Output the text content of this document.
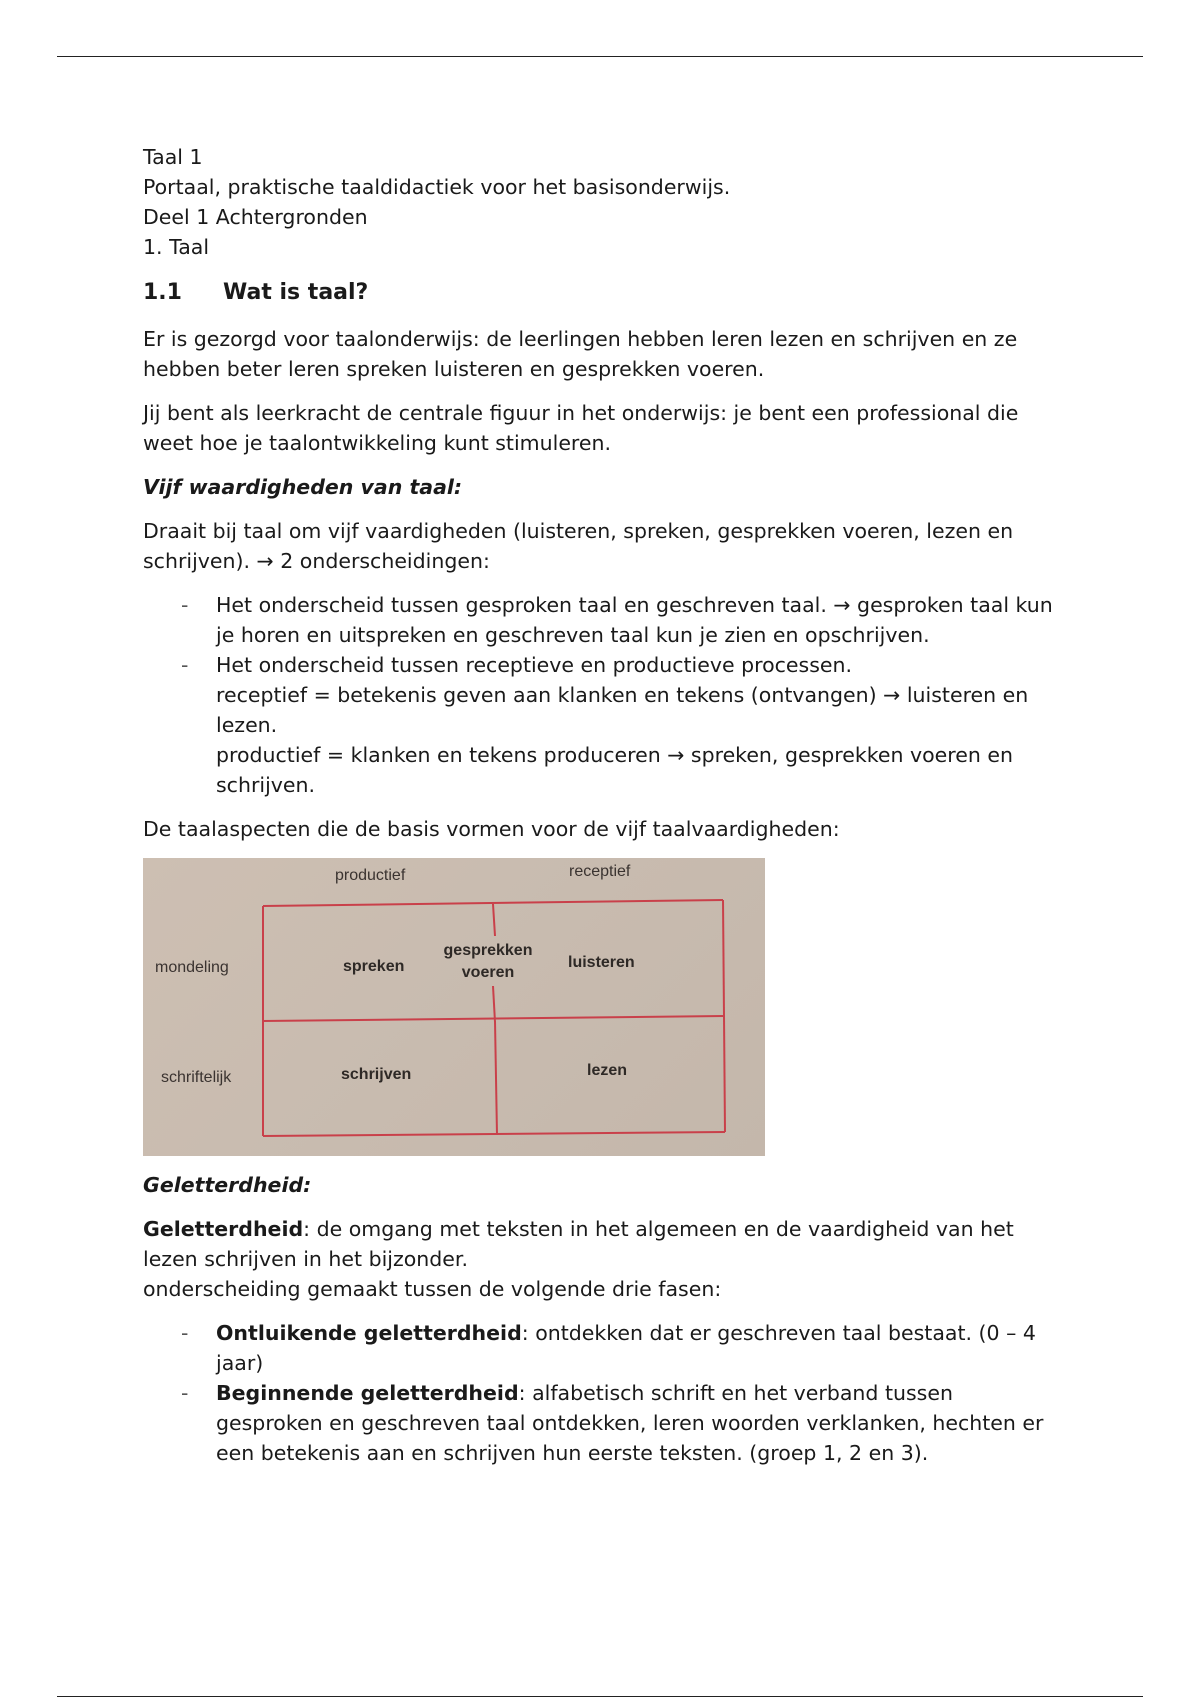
Taal 1

Portaal, praktische taaldidactiek voor het basisonderwijs.

Deel 1 Achtergronden

1. Taal

1.1 Wat is taal?

Er is gezorgd voor taalonderwijs: de leerlingen hebben leren lezen en schrijven en ze hebben beter leren spreken luisteren en gesprekken voeren.

Jij bent als leerkracht de centrale figuur in het onderwijs: je bent een professional die weet hoe je taalontwikkeling kunt stimuleren.

Vijf waardigheden van taal:

Draait bij taal om vijf vaardigheden (luisteren, spreken, gesprekken voeren, lezen en schrijven). → 2 onderscheidingen:

- Het onderscheid tussen gesproken taal en geschreven taal. → gesproken taal kun je horen en uitspreken en geschreven taal kun je zien en opschrijven.
- Het onderscheid tussen receptieve en productieve processen.
receptief = betekenis geven aan klanken en tekens (ontvangen) → luisteren en lezen.
productief = klanken en tekens produceren → spreken, gesprekken voeren en schrijven.

De taalaspecten die de basis vormen voor de vijf taalvaardigheden:

productief	receptief
mondeling
schriftelijk
spreken
gesprekken
voeren
luisteren
schrijven	lezen

Geletterdheid:

Geletterdheid: de omgang met teksten in het algemeen en de vaardigheid van het lezen schrijven in het bijzonder.
onderscheiding gemaakt tussen de volgende drie fasen:

- Ontluikende geletterdheid: ontdekken dat er geschreven taal bestaat. (0 – 4 jaar)
- Beginnende geletterdheid: alfabetisch schrift en het verband tussen gesproken en geschreven taal ontdekken, leren woorden verklanken, hechten er een betekenis aan en schrijven hun eerste teksten. (groep 1, 2 en 3).
